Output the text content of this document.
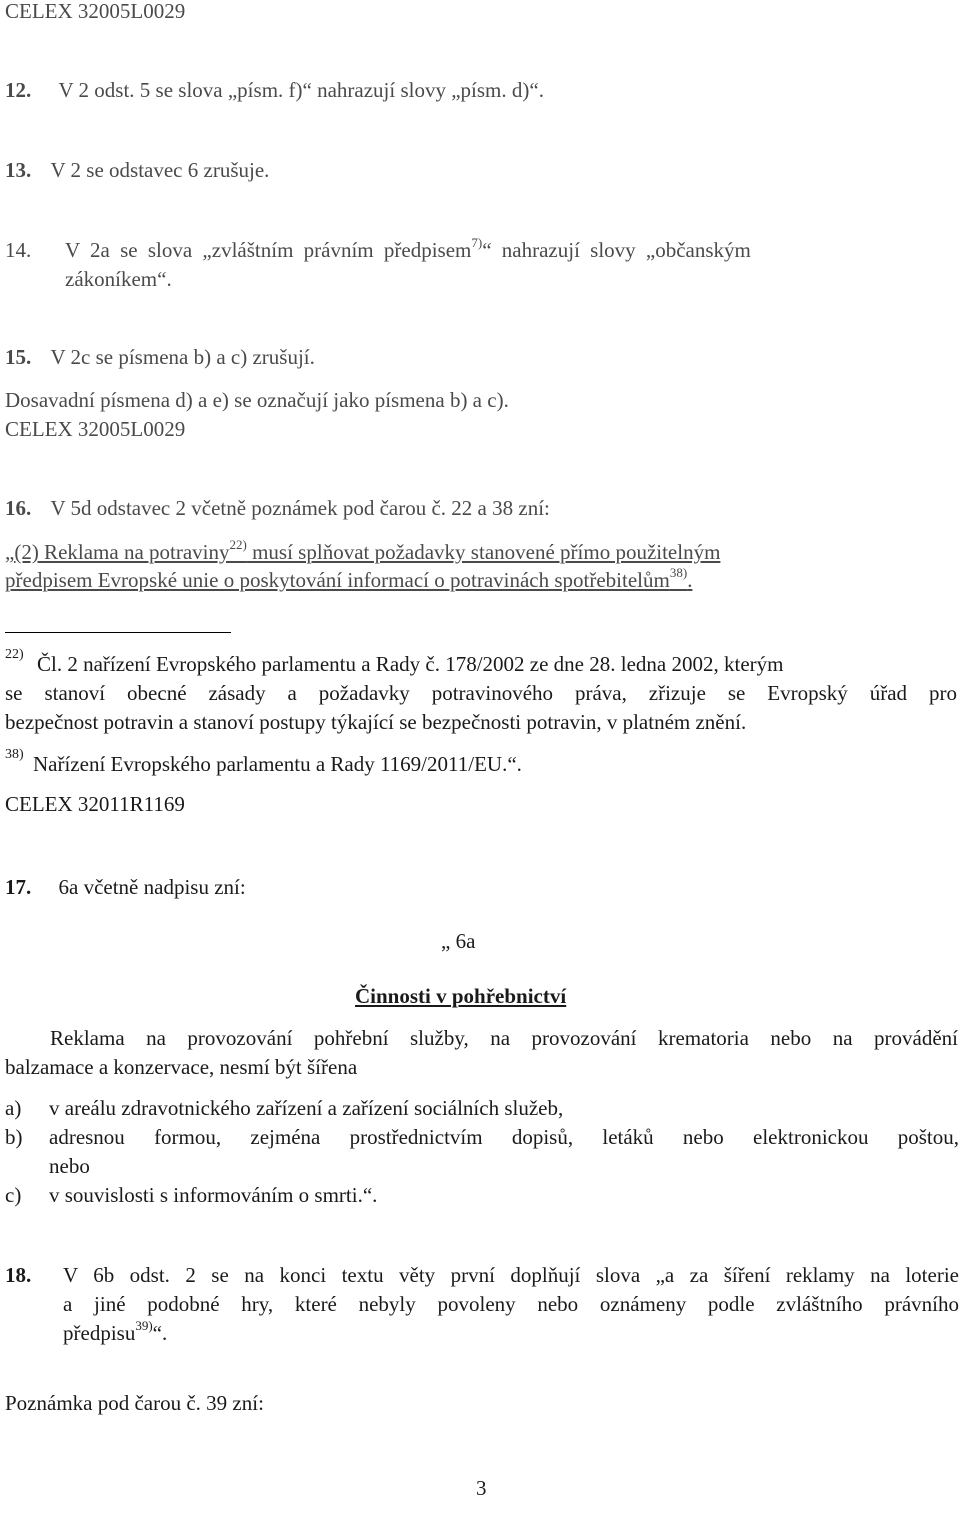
CELEX 32005L0029

12. V 2 odst. 5 se slova „písm. f)“ nahrazují slovy „písm. d)“.

13. V 2 se odstavec 6 zrušuje.

14. V 2a se slova „zvláštním právním předpisem$^{7)}$“ nahrazují slovy „občanským

zákoníkem“.

15. V 2c se písmena b) a c) zrušují.

Dosavadní písmena d) a e) se označují jako písmena b) a c).

CELEX 32005L0029

16. V 5d odstavec 2 včetně poznámek pod čarou č. 22 a 38 zní:

„(2) Reklama na potraviny$^{22)}$ musí splňovat požadavky stanovené přímo použitelným

předpisem Evropské unie o poskytování informací o potravinách spotřebitelům$^{38)}$.

22) Čl. 2 nařízení Evropského parlamentu a Rady č. 178/2002 ze dne 28. ledna 2002, kterým

se stanoví obecné zásady a požadavky potravinového práva, zřizuje se Evropský úřad pro

bezpečnost potravin a stanoví postupy týkající se bezpečnosti potravin, v platném znění.

38) Nařízení Evropského parlamentu a Rady 1169/2011/EU.“.

CELEX 32011R1169

17. 6a včetně nadpisu zní:

„ 6a

Činnosti v pohřebnictví

Reklama na provozování pohřební služby, na provozování krematoria nebo na provádění

balzamace a konzervace, nesmí být šířena

a) v areálu zdravotnického zařízení a zařízení sociálních služeb,

b) adresnou formou, zejména prostřednictvím dopisů, letáků nebo elektronickou poštou,

nebo

c) v souvislosti s informováním o smrti.“.

18. V 6b odst. 2 se na konci textu věty první doplňují slova „a za šíření reklamy na loterie

a jiné podobné hry, které nebyly povoleny nebo oznámeny podle zvláštního právního

předpisu$^{39)}$“.

Poznámka pod čarou č. 39 zní:

3
